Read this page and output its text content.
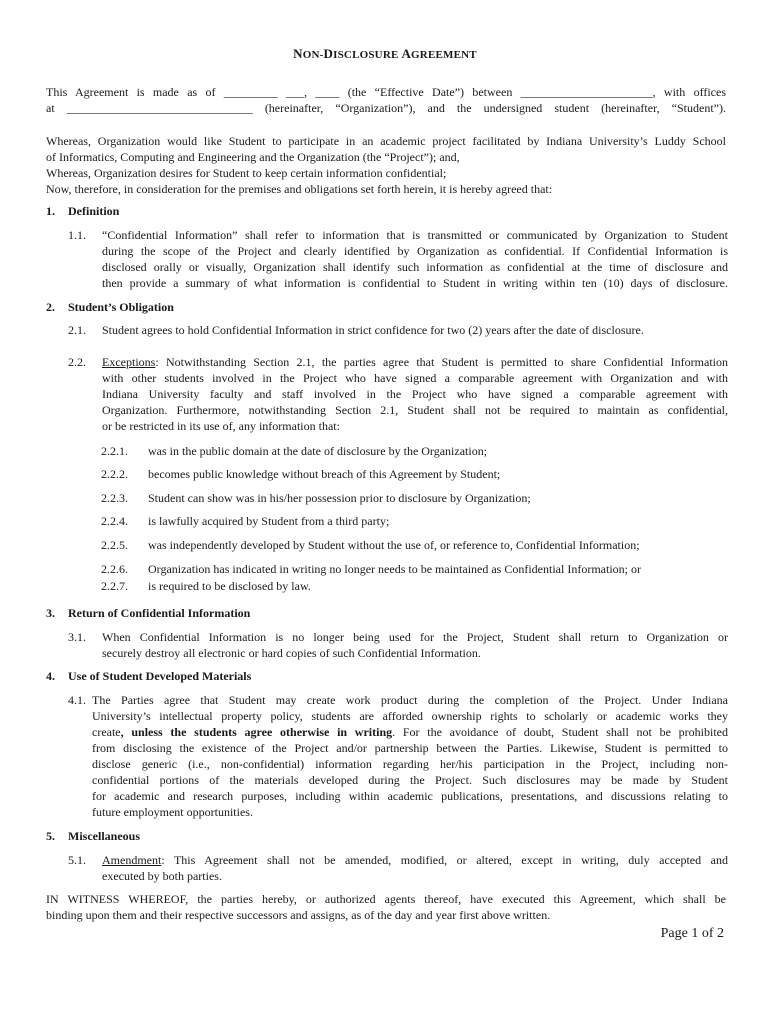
NON-DISCLOSURE AGREEMENT
This Agreement is made as of _________ ___, ____ (the “Effective Date”) between ______________________, with offices
at _______________________________ (hereinafter, “Organization”), and the undersigned student (hereinafter, “Student”).
Whereas, Organization would like Student to participate in an academic project facilitated by Indiana University’s Luddy School
of Informatics, Computing and Engineering and the Organization (the “Project”); and,
Whereas, Organization desires for Student to keep certain information confidential;
Now, therefore, in consideration for the premises and obligations set forth herein, it is hereby agreed that:
1. Definition
1.1. “Confidential Information” shall refer to information that is transmitted or communicated by Organization to Student
during the scope of the Project and clearly identified by Organization as confidential. If Confidential Information is
disclosed orally or visually, Organization shall identify such information as confidential at the time of disclosure and
then provide a summary of what information is confidential to Student in writing within ten (10) days of disclosure.
2. Student’s Obligation
2.1. Student agrees to hold Confidential Information in strict confidence for two (2) years after the date of disclosure.
2.2. Exceptions: Notwithstanding Section 2.1, the parties agree that Student is permitted to share Confidential Information
with other students involved in the Project who have signed a comparable agreement with Organization and with
Indiana University faculty and staff involved in the Project who have signed a comparable agreement with
Organization. Furthermore, notwithstanding Section 2.1, Student shall not be required to maintain as confidential,
or be restricted in its use of, any information that:
2.2.1. was in the public domain at the date of disclosure by the Organization;
2.2.2. becomes public knowledge without breach of this Agreement by Student;
2.2.3. Student can show was in his/her possession prior to disclosure by Organization;
2.2.4. is lawfully acquired by Student from a third party;
2.2.5. was independently developed by Student without the use of, or reference to, Confidential Information;
2.2.6. Organization has indicated in writing no longer needs to be maintained as Confidential Information; or
2.2.7. is required to be disclosed by law.
3. Return of Confidential Information
3.1. When Confidential Information is no longer being used for the Project, Student shall return to Organization or
securely destroy all electronic or hard copies of such Confidential Information.
4. Use of Student Developed Materials
4.1. The Parties agree that Student may create work product during the completion of the Project. Under Indiana
University’s intellectual property policy, students are afforded ownership rights to scholarly or academic works they
create, unless the students agree otherwise in writing. For the avoidance of doubt, Student shall not be prohibited
from disclosing the existence of the Project and/or partnership between the Parties. Likewise, Student is permitted to
disclose generic (i.e., non-confidential) information regarding her/his participation in the Project, including non-
confidential portions of the materials developed during the Project. Such disclosures may be made by Student
for academic and research purposes, including within academic publications, presentations, and discussions relating to
future employment opportunities.
5. Miscellaneous
5.1. Amendment: This Agreement shall not be amended, modified, or altered, except in writing, duly accepted and
executed by both parties.
IN WITNESS WHEREOF, the parties hereby, or authorized agents thereof, have executed this Agreement, which shall be
binding upon them and their respective successors and assigns, as of the day and year first above written.
Page 1 of 2
